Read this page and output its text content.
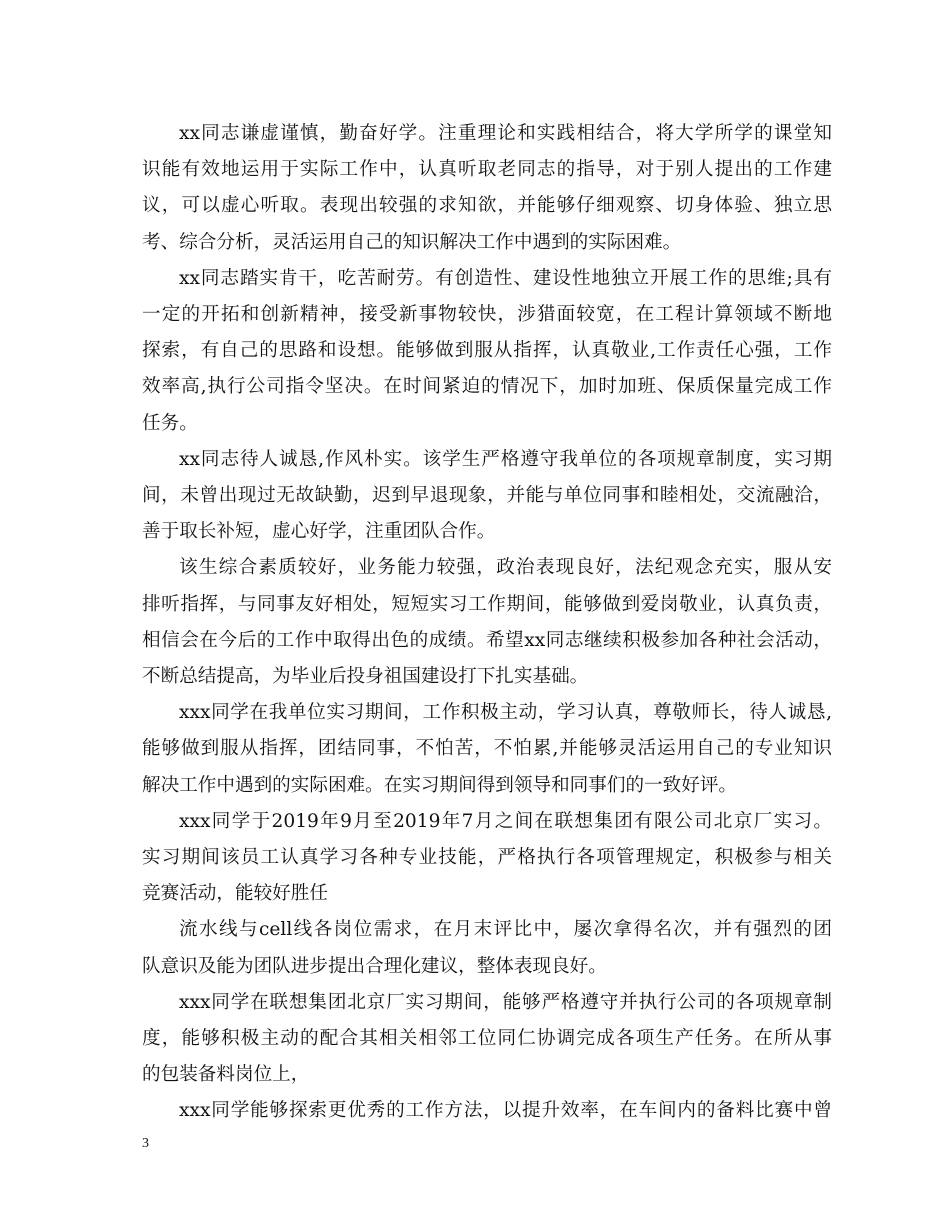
xx同志谦虚谨慎，勤奋好学。注重理论和实践相结合，将大学所学的课堂知
识能有效地运用于实际工作中，认真听取老同志的指导，对于别人提出的工作建
议，可以虚心听取。表现出较强的求知欲，并能够仔细观察、切身体验、独立思
考、综合分析，灵活运用自己的知识解决工作中遇到的实际困难。

xx同志踏实肯干，吃苦耐劳。有创造性、建设性地独立开展工作的思维;具有
一定的开拓和创新精神，接受新事物较快，涉猎面较宽，在工程计算领域不断地
探索，有自己的思路和设想。能够做到服从指挥，认真敬业,工作责任心强，工作
效率高,执行公司指令坚决。在时间紧迫的情况下，加时加班、保质保量完成工作
任务。

xx同志待人诚恳,作风朴实。该学生严格遵守我单位的各项规章制度，实习期
间，未曾出现过无故缺勤，迟到早退现象，并能与单位同事和睦相处，交流融洽，
善于取长补短，虚心好学，注重团队合作。

该生综合素质较好，业务能力较强，政治表现良好，法纪观念充实，服从安
排听指挥，与同事友好相处，短短实习工作期间，能够做到爱岗敬业，认真负责，
相信会在今后的工作中取得出色的成绩。希望xx同志继续积极参加各种社会活动，
不断总结提高，为毕业后投身祖国建设打下扎实基础。

xxx同学在我单位实习期间，工作积极主动，学习认真，尊敬师长，待人诚恳,
能够做到服从指挥，团结同事，不怕苦，不怕累,并能够灵活运用自己的专业知识
解决工作中遇到的实际困难。在实习期间得到领导和同事们的一致好评。

xxx同学于2019年9月至2019年7月之间在联想集团有限公司北京厂实习。
实习期间该员工认真学习各种专业技能，严格执行各项管理规定，积极参与相关
竞赛活动，能较好胜任

流水线与cell线各岗位需求，在月末评比中，屡次拿得名次，并有强烈的团
队意识及能为团队进步提出合理化建议，整体表现良好。

xxx同学在联想集团北京厂实习期间，能够严格遵守并执行公司的各项规章制
度，能够积极主动的配合其相关相邻工位同仁协调完成各项生产任务。在所从事
的包装备料岗位上，

xxx同学能够探索更优秀的工作方法，以提升效率，在车间内的备料比赛中曾

3
